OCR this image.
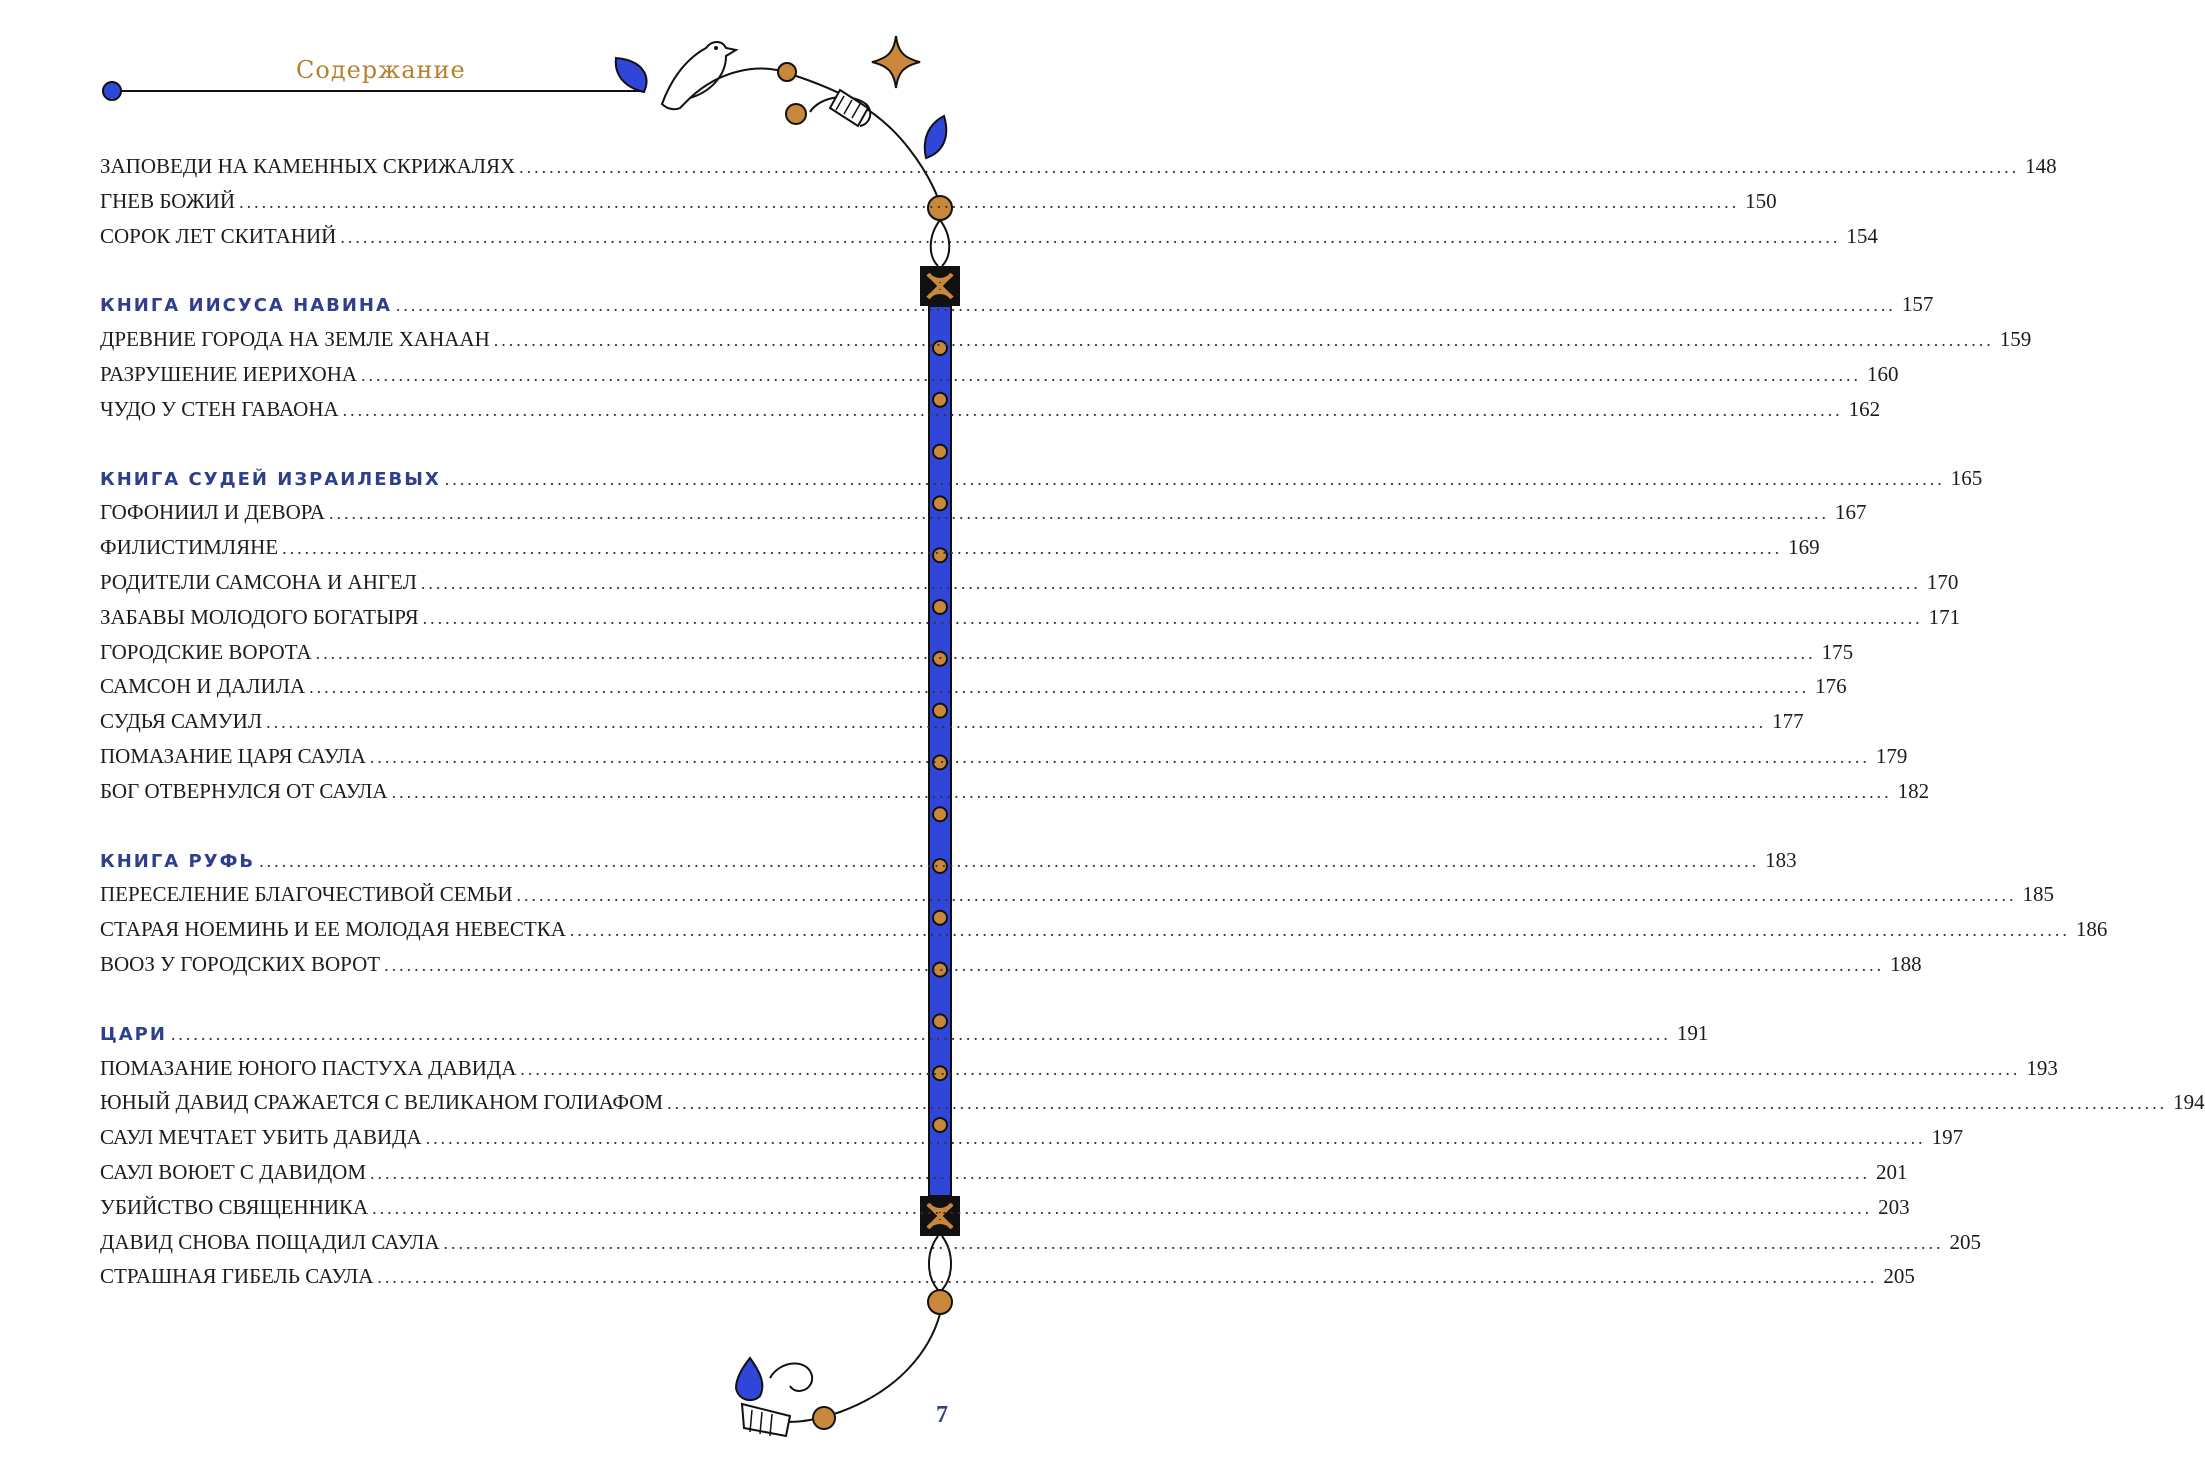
Содержание
ЗАПОВЕДИ НА КАМЕННЫХ СКРИЖАЛЯХ ........................................................................................................................................................................................................ 148
ГНЕВ БОЖИЙ ........................................................................................................................................................................................................ 150
СОРОК ЛЕТ СКИТАНИЙ ........................................................................................................................................................................................................ 154
КНИГА ИИСУСА НАВИНА ........................................................................................................................................................................................................ 157
ДРЕВНИЕ ГОРОДА НА ЗЕМЛЕ ХАНААН ........................................................................................................................................................................................................ 159
РАЗРУШЕНИЕ ИЕРИХОНА ........................................................................................................................................................................................................ 160
ЧУДО У СТЕН ГАВАОНА ........................................................................................................................................................................................................ 162
КНИГА СУДЕЙ ИЗРАИЛЕВЫХ ........................................................................................................................................................................................................ 165
ГОФОНИИЛ И ДЕВОРА ........................................................................................................................................................................................................ 167
ФИЛИСТИМЛЯНЕ ........................................................................................................................................................................................................ 169
РОДИТЕЛИ САМСОНА И АНГЕЛ ........................................................................................................................................................................................................ 170
ЗАБАВЫ МОЛОДОГО БОГАТЫРЯ ........................................................................................................................................................................................................ 171
ГОРОДСКИЕ ВОРОТА ........................................................................................................................................................................................................ 175
САМСОН И ДАЛИЛА ........................................................................................................................................................................................................ 176
СУДЬЯ САМУИЛ ........................................................................................................................................................................................................ 177
ПОМАЗАНИЕ ЦАРЯ САУЛА ........................................................................................................................................................................................................ 179
БОГ ОТВЕРНУЛСЯ ОТ САУЛА ........................................................................................................................................................................................................ 182
КНИГА РУФЬ ........................................................................................................................................................................................................ 183
ПЕРЕСЕЛЕНИЕ БЛАГОЧЕСТИВОЙ СЕМЬИ ........................................................................................................................................................................................................ 185
СТАРАЯ НОЕМИНЬ И ЕЕ МОЛОДАЯ НЕВЕСТКА ........................................................................................................................................................................................................ 186
ВООЗ У ГОРОДСКИХ ВОРОТ ........................................................................................................................................................................................................ 188
ЦАРИ ........................................................................................................................................................................................................ 191
ПОМАЗАНИЕ ЮНОГО ПАСТУХА ДАВИДА ........................................................................................................................................................................................................ 193
ЮНЫЙ ДАВИД СРАЖАЕТСЯ С ВЕЛИКАНОМ ГОЛИАФОМ ........................................................................................................................................................................................................ 194
САУЛ МЕЧТАЕТ УБИТЬ ДАВИДА ........................................................................................................................................................................................................ 197
САУЛ ВОЮЕТ С ДАВИДОМ ........................................................................................................................................................................................................ 201
УБИЙСТВО СВЯЩЕННИКА ........................................................................................................................................................................................................ 203
ДАВИД СНОВА ПОЩАДИЛ САУЛА ........................................................................................................................................................................................................ 205
СТРАШНАЯ ГИБЕЛЬ САУЛА ........................................................................................................................................................................................................ 205
7
